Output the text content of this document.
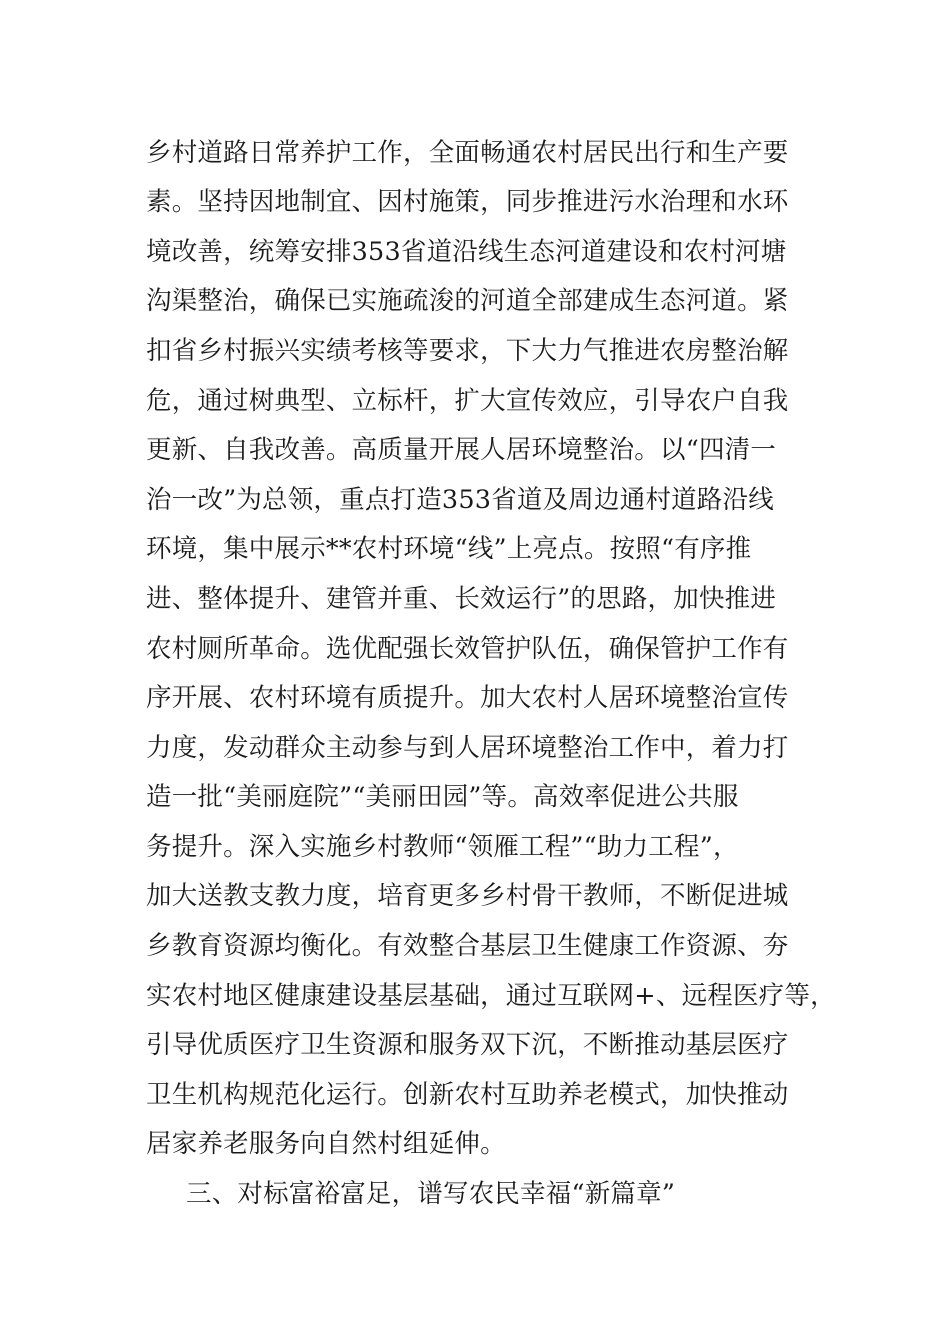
乡村道路日常养护工作，全面畅通农村居民出行和生产要
素。坚持因地制宜、因村施策，同步推进污水治理和水环
境改善，统筹安排353省道沿线生态河道建设和农村河塘
沟渠整治，确保已实施疏浚的河道全部建成生态河道。紧
扣省乡村振兴实绩考核等要求，下大力气推进农房整治解
危，通过树典型、立标杆，扩大宣传效应，引导农户自我
更新、自我改善。高质量开展人居环境整治。以“四清一
治一改”为总领，重点打造353省道及周边通村道路沿线
环境，集中展示**农村环境“线”上亮点。按照“有序推
进、整体提升、建管并重、长效运行”的思路，加快推进
农村厕所革命。选优配强长效管护队伍，确保管护工作有
序开展、农村环境有质提升。加大农村人居环境整治宣传
力度，发动群众主动参与到人居环境整治工作中，着力打
造一批“美丽庭院”“美丽田园”等。高效率促进公共服
务提升。深入实施乡村教师“领雁工程”“助力工程”，
加大送教支教力度，培育更多乡村骨干教师，不断促进城
乡教育资源均衡化。有效整合基层卫生健康工作资源、夯
实农村地区健康建设基层基础，通过互联网+、远程医疗等，
引导优质医疗卫生资源和服务双下沉，不断推动基层医疗
卫生机构规范化运行。创新农村互助养老模式，加快推动
居家养老服务向自然村组延伸。
三、对标富裕富足，谱写农民幸福“新篇章”
